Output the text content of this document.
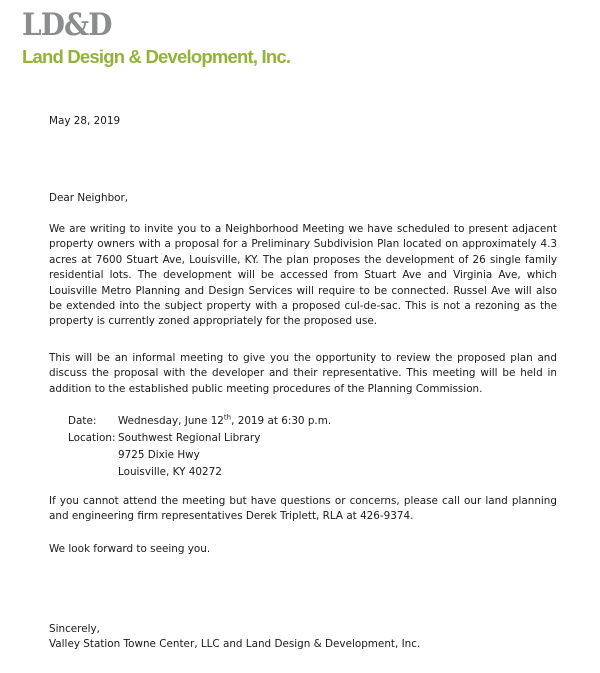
LD&D
Land Design & Development, Inc.

May 28, 2019

Dear Neighbor,

We are writing to invite you to a Neighborhood Meeting we have scheduled to present adjacent property owners with a proposal for a Preliminary Subdivision Plan located on approximately 4.3 acres at 7600 Stuart Ave, Louisville, KY. The plan proposes the development of 26 single family residential lots. The development will be accessed from Stuart Ave and Virginia Ave, which Louisville Metro Planning and Design Services will require to be connected. Russel Ave will also be extended into the subject property with a proposed cul-de-sac. This is not a rezoning as the property is currently zoned appropriately for the proposed use.

This will be an informal meeting to give you the opportunity to review the proposed plan and discuss the proposal with the developer and their representative. This meeting will be held in addition to the established public meeting procedures of the Planning Commission.

Date:	Wednesday, June 12th, 2019 at 6:30 p.m.
Location: Southwest Regional Library
9725 Dixie Hwy
Louisville, KY 40272

If you cannot attend the meeting but have questions or concerns, please call our land planning and engineering firm representatives Derek Triplett, RLA at 426-9374.

We look forward to seeing you.

Sincerely,

Valley Station Towne Center, LLC and Land Design & Development, Inc.
